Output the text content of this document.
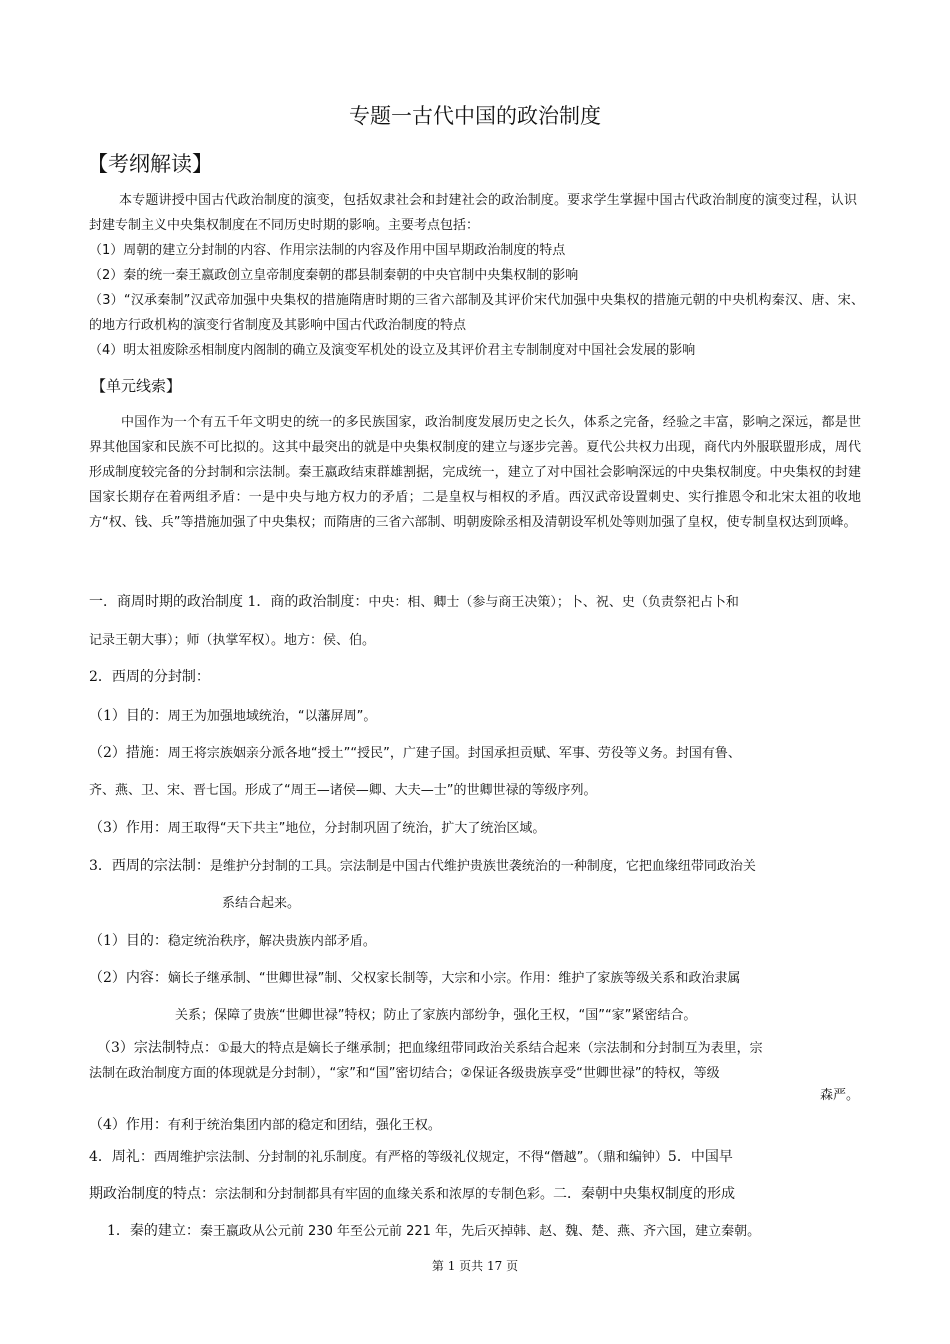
专题一古代中国的政治制度
【考纲解读】
本专题讲授中国古代政治制度的演变，包括奴隶社会和封建社会的政治制度。要求学生掌握中国古代政治制度的演变过程，认识封建专制主义中央集权制度在不同历史时期的影响。主要考点包括：
（1）周朝的建立分封制的内容、作用宗法制的内容及作用中国早期政治制度的特点
（2）秦的统一秦王嬴政创立皇帝制度秦朝的郡县制秦朝的中央官制中央集权制的影响
（3）“汉承秦制”汉武帝加强中央集权的措施隋唐时期的三省六部制及其评价宋代加强中央集权的措施元朝的中央机构秦汉、唐、宋、的地方行政机构的演变行省制度及其影响中国古代政治制度的特点
（4）明太祖废除丞相制度内阁制的确立及演变军机处的设立及其评价君主专制制度对中国社会发展的影响
【单元线索】
中国作为一个有五千年文明史的统一的多民族国家，政治制度发展历史之长久，体系之完备，经验之丰富，影响之深远，都是世界其他国家和民族不可比拟的。这其中最突出的就是中央集权制度的建立与逐步完善。夏代公共权力出现，商代内外服联盟形成，周代形成制度较完备的分封制和宗法制。秦王嬴政结束群雄割据，完成统一，建立了对中国社会影响深远的中央集权制度。中央集权的封建国家长期存在着两组矛盾：一是中央与地方权力的矛盾；二是皇权与相权的矛盾。西汉武帝设置刺史、实行推恩令和北宋太祖的收地方“权、钱、兵”等措施加强了中央集权；而隋唐的三省六部制、明朝废除丞相及清朝设军机处等则加强了皇权，使专制皇权达到顶峰。
一．商周时期的政治制度 1．商的政治制度：中央：相、卿士（参与商王决策）；卜、祝、史（负责祭祀占卜和
记录王朝大事）；师（执掌军权）。地方：侯、伯。
2．西周的分封制：
（1）目的：周王为加强地域统治，“以藩屏周”。
（2）措施：周王将宗族姻亲分派各地“授土”“授民”，广建子国。封国承担贡赋、军事、劳役等义务。封国有鲁、
齐、燕、卫、宋、晋七国。形成了“周王—诸侯—卿、大夫—士”的世卿世禄的等级序列。
（3）作用：周王取得“天下共主”地位，分封制巩固了统治，扩大了统治区域。
3．西周的宗法制：是维护分封制的工具。宗法制是中国古代维护贵族世袭统治的一种制度，它把血缘纽带同政治关
系结合起来。
（1）目的：稳定统治秩序，解决贵族内部矛盾。
（2）内容：嫡长子继承制、“世卿世禄”制、父权家长制等，大宗和小宗。作用：维护了家族等级关系和政治隶属
关系；保障了贵族“世卿世禄”特权；防止了家族内部纷争，强化王权，“国”“家”紧密结合。
（3）宗法制特点：①最大的特点是嫡长子继承制；把血缘纽带同政治关系结合起来（宗法制和分封制互为表里，宗
法制在政治制度方面的体现就是分封制），“家”和“国”密切结合；②保证各级贵族享受“世卿世禄”的特权，等级
森严。
（4）作用：有利于统治集团内部的稳定和团结，强化王权。
4．周礼：西周维护宗法制、分封制的礼乐制度。有严格的等级礼仪规定，不得“僭越”。（鼎和编钟）5．中国早
期政治制度的特点：宗法制和分封制都具有牢固的血缘关系和浓厚的专制色彩。二．秦朝中央集权制度的形成
1．秦的建立：秦王嬴政从公元前 230 年至公元前 221 年，先后灭掉韩、赵、魏、楚、燕、齐六国，建立秦朝。
第 1 页共 17 页
